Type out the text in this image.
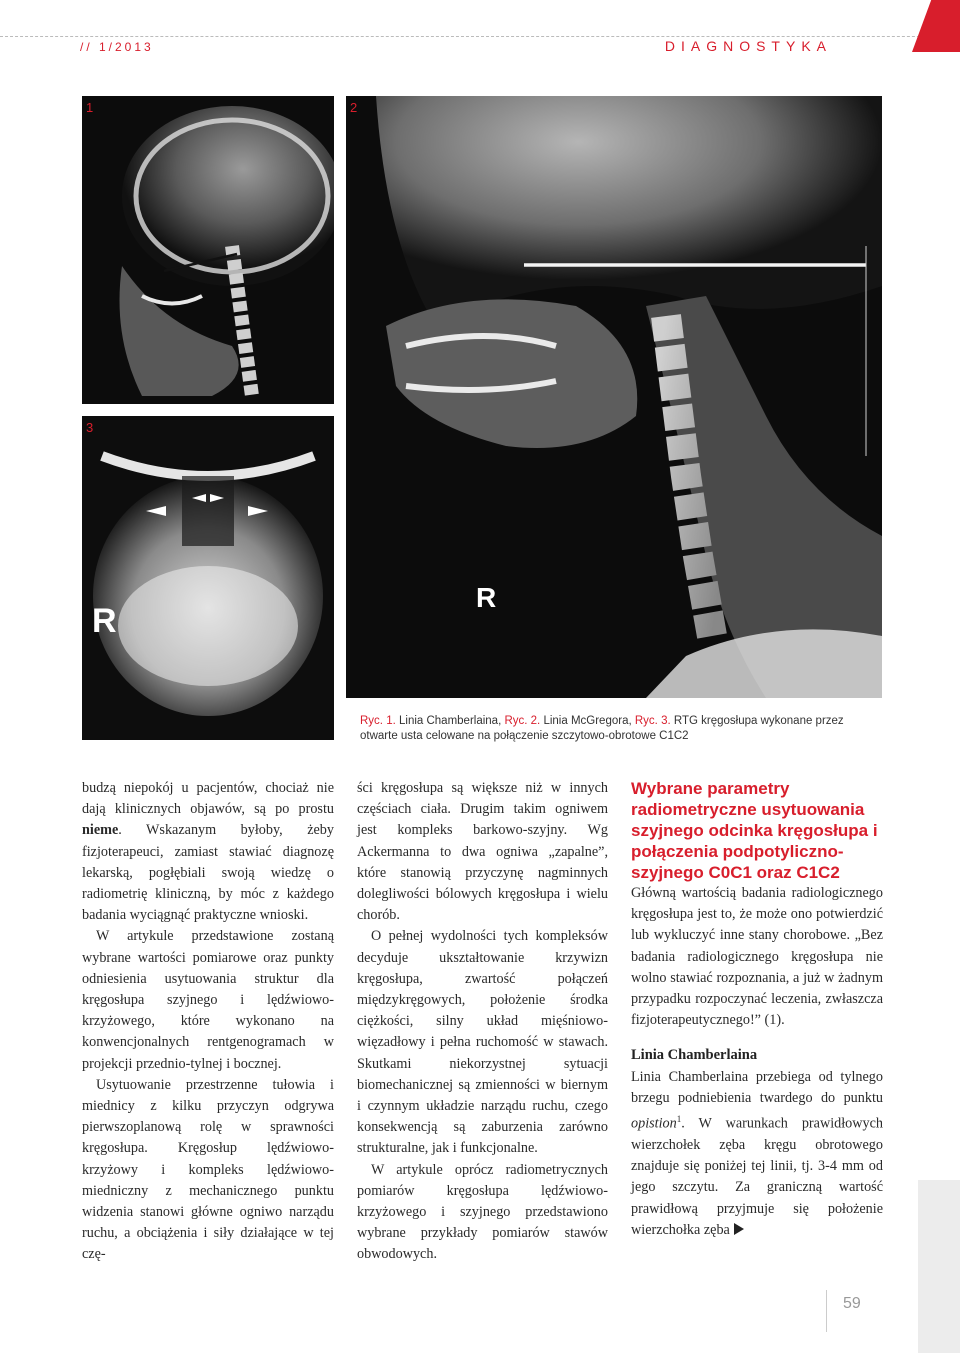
// 1/2013	DIAGNOSTYKA
1
3
R
2
R
Ryc. 1. Linia Chamberlaina, Ryc. 2. Linia McGregora, Ryc. 3. RTG kręgosłupa wykonane przez otwarte usta celowane na połączenie szczytowo-obrotowe C1C2

budzą niepokój u pacjentów, chociaż nie dają klinicznych objawów, są po prostu nieme. Wskazanym byłoby, żeby fizjoterapeuci, zamiast stawiać diagnozę lekarską, pogłębiali swoją wiedzę o radiometrię kliniczną, by móc z każdego badania wyciągnąć praktyczne wnioski.

W artykule przedstawione zostaną wybrane wartości pomiarowe oraz punkty odniesienia usytuowania struktur dla kręgosłupa szyjnego i lędźwiowo-krzyżowego, które wykonano na konwencjonalnych rentgenogramach w projekcji przednio-tylnej i bocznej.

Usytuowanie przestrzenne tułowia i miednicy z kilku przyczyn odgrywa pierwszoplanową rolę w sprawności kręgosłupa. Kręgosłup lędźwiowo-krzyżowy i kompleks lędźwiowo-miedniczny z mechanicznego punktu widzenia stanowi główne ogniwo narządu ruchu, a obciążenia i siły działające w tej czę-

ści kręgosłupa są większe niż w innych częściach ciała. Drugim takim ogniwem jest kompleks barkowo-szyjny. Wg Ackermanna to dwa ogniwa „zapalne”, które stanowią przyczynę nagminnych dolegliwości bólowych kręgosłupa i wielu chorób.

O pełnej wydolności tych kompleksów decyduje ukształtowanie krzywizn kręgosłupa, zwartość połączeń międzykręgowych, położenie środka ciężkości, silny układ mięśniowo-więzadłowy i pełna ruchomość w stawach. Skutkami niekorzystnej sytuacji biomechanicznej są zmienności w biernym i czynnym układzie narządu ruchu, czego konsekwencją są zaburzenia zarówno strukturalne, jak i funkcjonalne.

W artykule oprócz radiometrycznych pomiarów kręgosłupa lędźwiowo-krzyżowego i szyjnego przedstawiono wybrane przykłady pomiarów stawów obwodowych.

Wybrane parametry radiometryczne usytuowania szyjnego odcinka kręgosłupa i połączenia podpotyliczno-szyjnego C0C1 oraz C1C2

Główną wartością badania radiologicznego kręgosłupa jest to, że może ono potwierdzić lub wykluczyć inne stany chorobowe. „Bez badania radiologicznego kręgosłupa nie wolno stawiać rozpoznania, a już w żadnym przypadku rozpoczynać leczenia, zwłaszcza fizjoterapeutycznego!” (1).

Linia Chamberlaina

Linia Chamberlaina przebiega od tylnego brzegu podniebienia twardego do punktu opistion$^1$. W warunkach prawidłowych wierzchołek zęba kręgu obrotowego znajduje się poniżej tej linii, tj. 3-4 mm od jego szczytu. Za graniczną wartość prawidłową przyjmuje się położenie wierzchołka zęba

59
